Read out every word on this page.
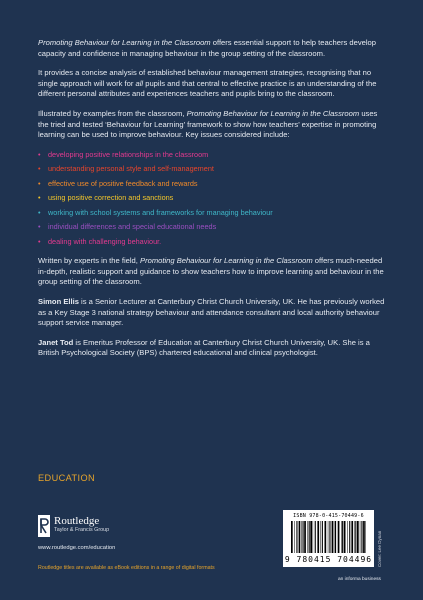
Promoting Behaviour for Learning in the Classroom offers essential support to help teachers develop capacity and confidence in managing behaviour in the group setting of the classroom.

It provides a concise analysis of established behaviour management strategies, recognising that no single approach will work for all pupils and that central to effective practice is an understanding of the different personal attributes and experiences teachers and pupils bring to the classroom.

Illustrated by examples from the classroom, Promoting Behaviour for Learning in the Classroom uses the tried and tested ‘Behaviour for Learning’ framework to show how teachers’ expertise in promoting learning can be used to improve behaviour. Key issues considered include:

• developing positive relationships in the classroom
• understanding personal style and self-management
• effective use of positive feedback and rewards
• using positive correction and sanctions
• working with school systems and frameworks for managing behaviour
• individual differences and special educational needs
• dealing with challenging behaviour.

Written by experts in the field, Promoting Behaviour for Learning in the Classroom offers much-needed in-depth, realistic support and guidance to show teachers how to improve learning and behaviour in the group setting of the classroom.

Simon Ellis is a Senior Lecturer at Canterbury Christ Church University, UK. He has previously worked as a Key Stage 3 national strategy behaviour and attendance consultant and local authority behaviour support service manager.

Janet Tod is Emeritus Professor of Education at Canterbury Christ Church University, UK. She is a British Psychological Society (BPS) chartered educational and clinical psychologist.

EDUCATION
Routledge
Taylor & Francis Group
www.routledge.com/education
Routledge titles are available as eBook editions in a range of digital formats
ISBN 978-0-415-70449-6
9 780415 704496	Cover: Lee Dynan
an informa business
